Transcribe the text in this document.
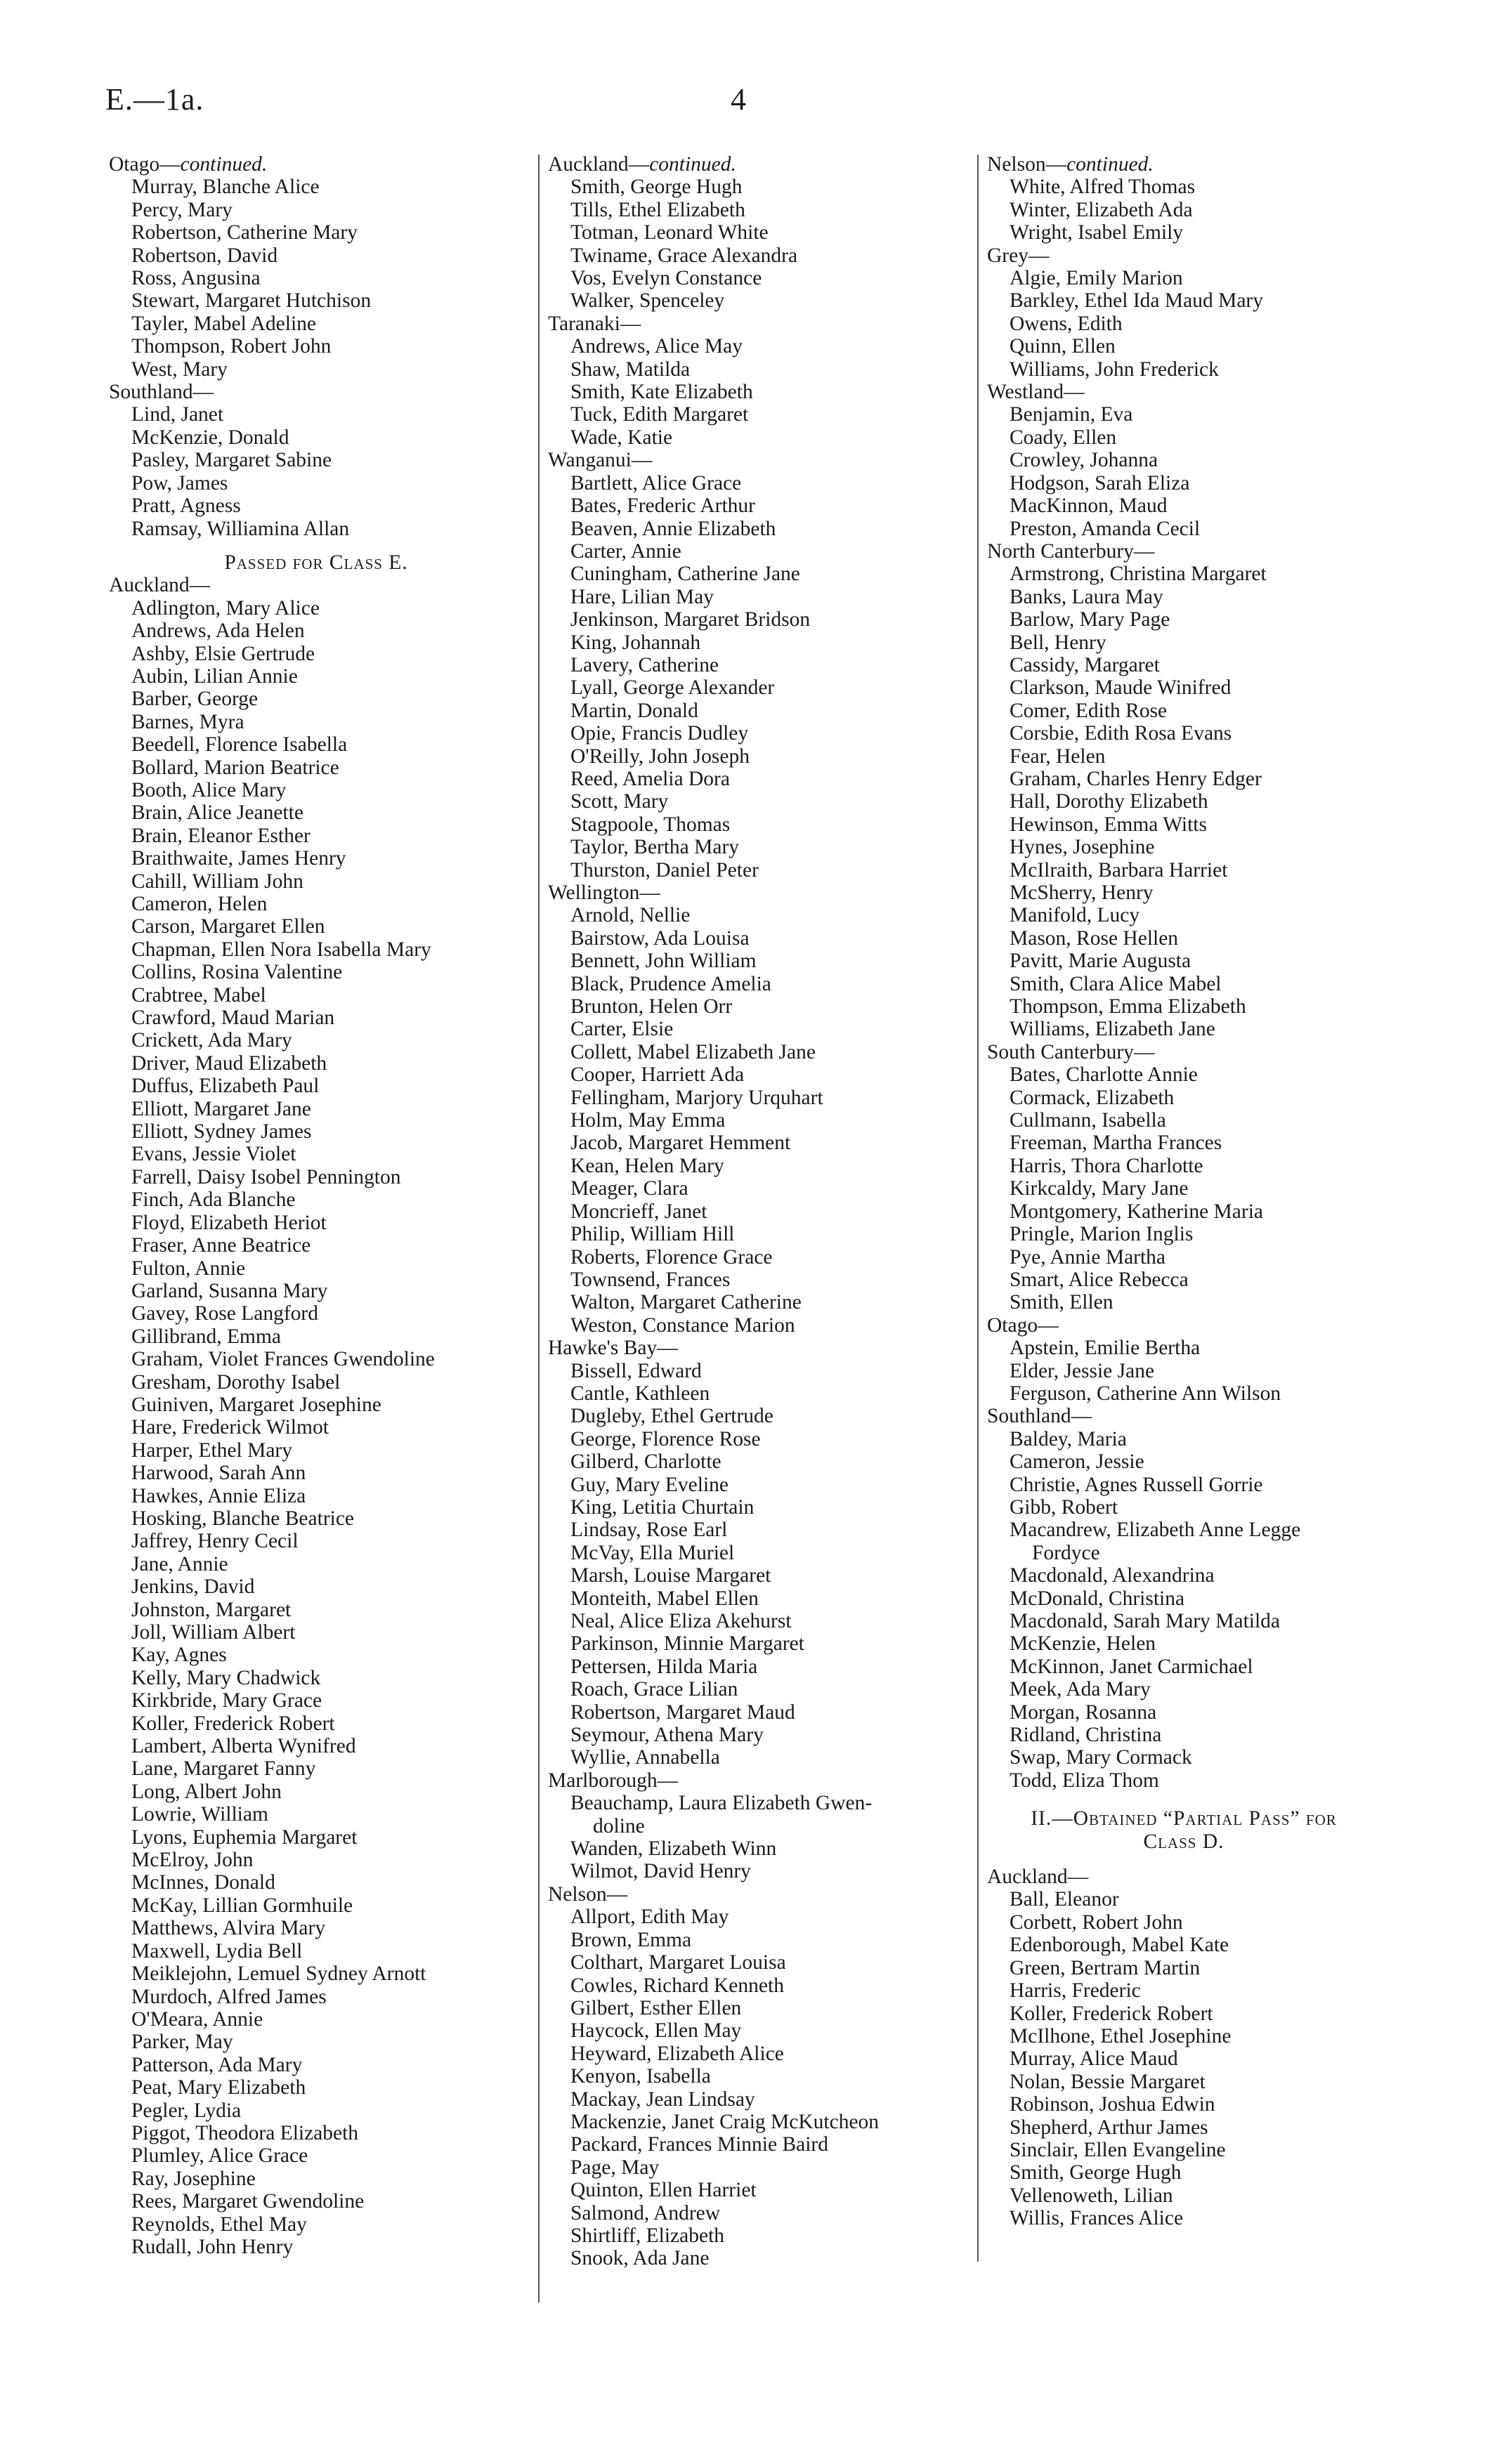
E.—1a.	4
Otago—continued.
Murray, Blanche Alice
Percy, Mary
Robertson, Catherine Mary
Robertson, David
Ross, Angusina
Stewart, Margaret Hutchison
Tayler, Mabel Adeline
Thompson, Robert John
West, Mary
Southland—
Lind, Janet
McKenzie, Donald
Pasley, Margaret Sabine
Pow, James
Pratt, Agness
Ramsay, Williamina Allan
Passed for Class E.
Auckland—
Adlington, Mary Alice
Andrews, Ada Helen
Ashby, Elsie Gertrude
Aubin, Lilian Annie
Barber, George
Barnes, Myra
Beedell, Florence Isabella
Bollard, Marion Beatrice
Booth, Alice Mary
Brain, Alice Jeanette
Brain, Eleanor Esther
Braithwaite, James Henry
Cahill, William John
Cameron, Helen
Carson, Margaret Ellen
Chapman, Ellen Nora Isabella Mary
Collins, Rosina Valentine
Crabtree, Mabel
Crawford, Maud Marian
Crickett, Ada Mary
Driver, Maud Elizabeth
Duffus, Elizabeth Paul
Elliott, Margaret Jane
Elliott, Sydney James
Evans, Jessie Violet
Farrell, Daisy Isobel Pennington
Finch, Ada Blanche
Floyd, Elizabeth Heriot
Fraser, Anne Beatrice
Fulton, Annie
Garland, Susanna Mary
Gavey, Rose Langford
Gillibrand, Emma
Graham, Violet Frances Gwendoline
Gresham, Dorothy Isabel
Guiniven, Margaret Josephine
Hare, Frederick Wilmot
Harper, Ethel Mary
Harwood, Sarah Ann
Hawkes, Annie Eliza
Hosking, Blanche Beatrice
Jaffrey, Henry Cecil
Jane, Annie
Jenkins, David
Johnston, Margaret
Joll, William Albert
Kay, Agnes
Kelly, Mary Chadwick
Kirkbride, Mary Grace
Koller, Frederick Robert
Lambert, Alberta Wynifred
Lane, Margaret Fanny
Long, Albert John
Lowrie, William
Lyons, Euphemia Margaret
McElroy, John
McInnes, Donald
McKay, Lillian Gormhuile
Matthews, Alvira Mary
Maxwell, Lydia Bell
Meiklejohn, Lemuel Sydney Arnott
Murdoch, Alfred James
O'Meara, Annie
Parker, May
Patterson, Ada Mary
Peat, Mary Elizabeth
Pegler, Lydia
Piggot, Theodora Elizabeth
Plumley, Alice Grace
Ray, Josephine
Rees, Margaret Gwendoline
Reynolds, Ethel May
Rudall, John Henry
Auckland—continued.
Smith, George Hugh
Tills, Ethel Elizabeth
Totman, Leonard White
Twiname, Grace Alexandra
Vos, Evelyn Constance
Walker, Spenceley
Taranaki—
Andrews, Alice May
Shaw, Matilda
Smith, Kate Elizabeth
Tuck, Edith Margaret
Wade, Katie
Wanganui—
Bartlett, Alice Grace
Bates, Frederic Arthur
Beaven, Annie Elizabeth
Carter, Annie
Cuningham, Catherine Jane
Hare, Lilian May
Jenkinson, Margaret Bridson
King, Johannah
Lavery, Catherine
Lyall, George Alexander
Martin, Donald
Opie, Francis Dudley
O'Reilly, John Joseph
Reed, Amelia Dora
Scott, Mary
Stagpoole, Thomas
Taylor, Bertha Mary
Thurston, Daniel Peter
Wellington—
Arnold, Nellie
Bairstow, Ada Louisa
Bennett, John William
Black, Prudence Amelia
Brunton, Helen Orr
Carter, Elsie
Collett, Mabel Elizabeth Jane
Cooper, Harriett Ada
Fellingham, Marjory Urquhart
Holm, May Emma
Jacob, Margaret Hemment
Kean, Helen Mary
Meager, Clara
Moncrieff, Janet
Philip, William Hill
Roberts, Florence Grace
Townsend, Frances
Walton, Margaret Catherine
Weston, Constance Marion
Hawke's Bay—
Bissell, Edward
Cantle, Kathleen
Dugleby, Ethel Gertrude
George, Florence Rose
Gilberd, Charlotte
Guy, Mary Eveline
King, Letitia Churtain
Lindsay, Rose Earl
McVay, Ella Muriel
Marsh, Louise Margaret
Monteith, Mabel Ellen
Neal, Alice Eliza Akehurst
Parkinson, Minnie Margaret
Pettersen, Hilda Maria
Roach, Grace Lilian
Robertson, Margaret Maud
Seymour, Athena Mary
Wyllie, Annabella
Marlborough—
Beauchamp, Laura Elizabeth Gwen-
doline
Wanden, Elizabeth Winn
Wilmot, David Henry
Nelson—
Allport, Edith May
Brown, Emma
Colthart, Margaret Louisa
Cowles, Richard Kenneth
Gilbert, Esther Ellen
Haycock, Ellen May
Heyward, Elizabeth Alice
Kenyon, Isabella
Mackay, Jean Lindsay
Mackenzie, Janet Craig McKutcheon
Packard, Frances Minnie Baird
Page, May
Quinton, Ellen Harriet
Salmond, Andrew
Shirtliff, Elizabeth
Snook, Ada Jane
Nelson—continued.
White, Alfred Thomas
Winter, Elizabeth Ada
Wright, Isabel Emily
Grey—
Algie, Emily Marion
Barkley, Ethel Ida Maud Mary
Owens, Edith
Quinn, Ellen
Williams, John Frederick
Westland—
Benjamin, Eva
Coady, Ellen
Crowley, Johanna
Hodgson, Sarah Eliza
MacKinnon, Maud
Preston, Amanda Cecil
North Canterbury—
Armstrong, Christina Margaret
Banks, Laura May
Barlow, Mary Page
Bell, Henry
Cassidy, Margaret
Clarkson, Maude Winifred
Comer, Edith Rose
Corsbie, Edith Rosa Evans
Fear, Helen
Graham, Charles Henry Edger
Hall, Dorothy Elizabeth
Hewinson, Emma Witts
Hynes, Josephine
McIlraith, Barbara Harriet
McSherry, Henry
Manifold, Lucy
Mason, Rose Hellen
Pavitt, Marie Augusta
Smith, Clara Alice Mabel
Thompson, Emma Elizabeth
Williams, Elizabeth Jane
South Canterbury—
Bates, Charlotte Annie
Cormack, Elizabeth
Cullmann, Isabella
Freeman, Martha Frances
Harris, Thora Charlotte
Kirkcaldy, Mary Jane
Montgomery, Katherine Maria
Pringle, Marion Inglis
Pye, Annie Martha
Smart, Alice Rebecca
Smith, Ellen
Otago—
Apstein, Emilie Bertha
Elder, Jessie Jane
Ferguson, Catherine Ann Wilson
Southland—
Baldey, Maria
Cameron, Jessie
Christie, Agnes Russell Gorrie
Gibb, Robert
Macandrew, Elizabeth Anne Legge
Fordyce
Macdonald, Alexandrina
McDonald, Christina
Macdonald, Sarah Mary Matilda
McKenzie, Helen
McKinnon, Janet Carmichael
Meek, Ada Mary
Morgan, Rosanna
Ridland, Christina
Swap, Mary Cormack
Todd, Eliza Thom
II.—Obtained “Partial Pass” for
Class D.
Auckland—
Ball, Eleanor
Corbett, Robert John
Edenborough, Mabel Kate
Green, Bertram Martin
Harris, Frederic
Koller, Frederick Robert
McIlhone, Ethel Josephine
Murray, Alice Maud
Nolan, Bessie Margaret
Robinson, Joshua Edwin
Shepherd, Arthur James
Sinclair, Ellen Evangeline
Smith, George Hugh
Vellenoweth, Lilian
Willis, Frances Alice
